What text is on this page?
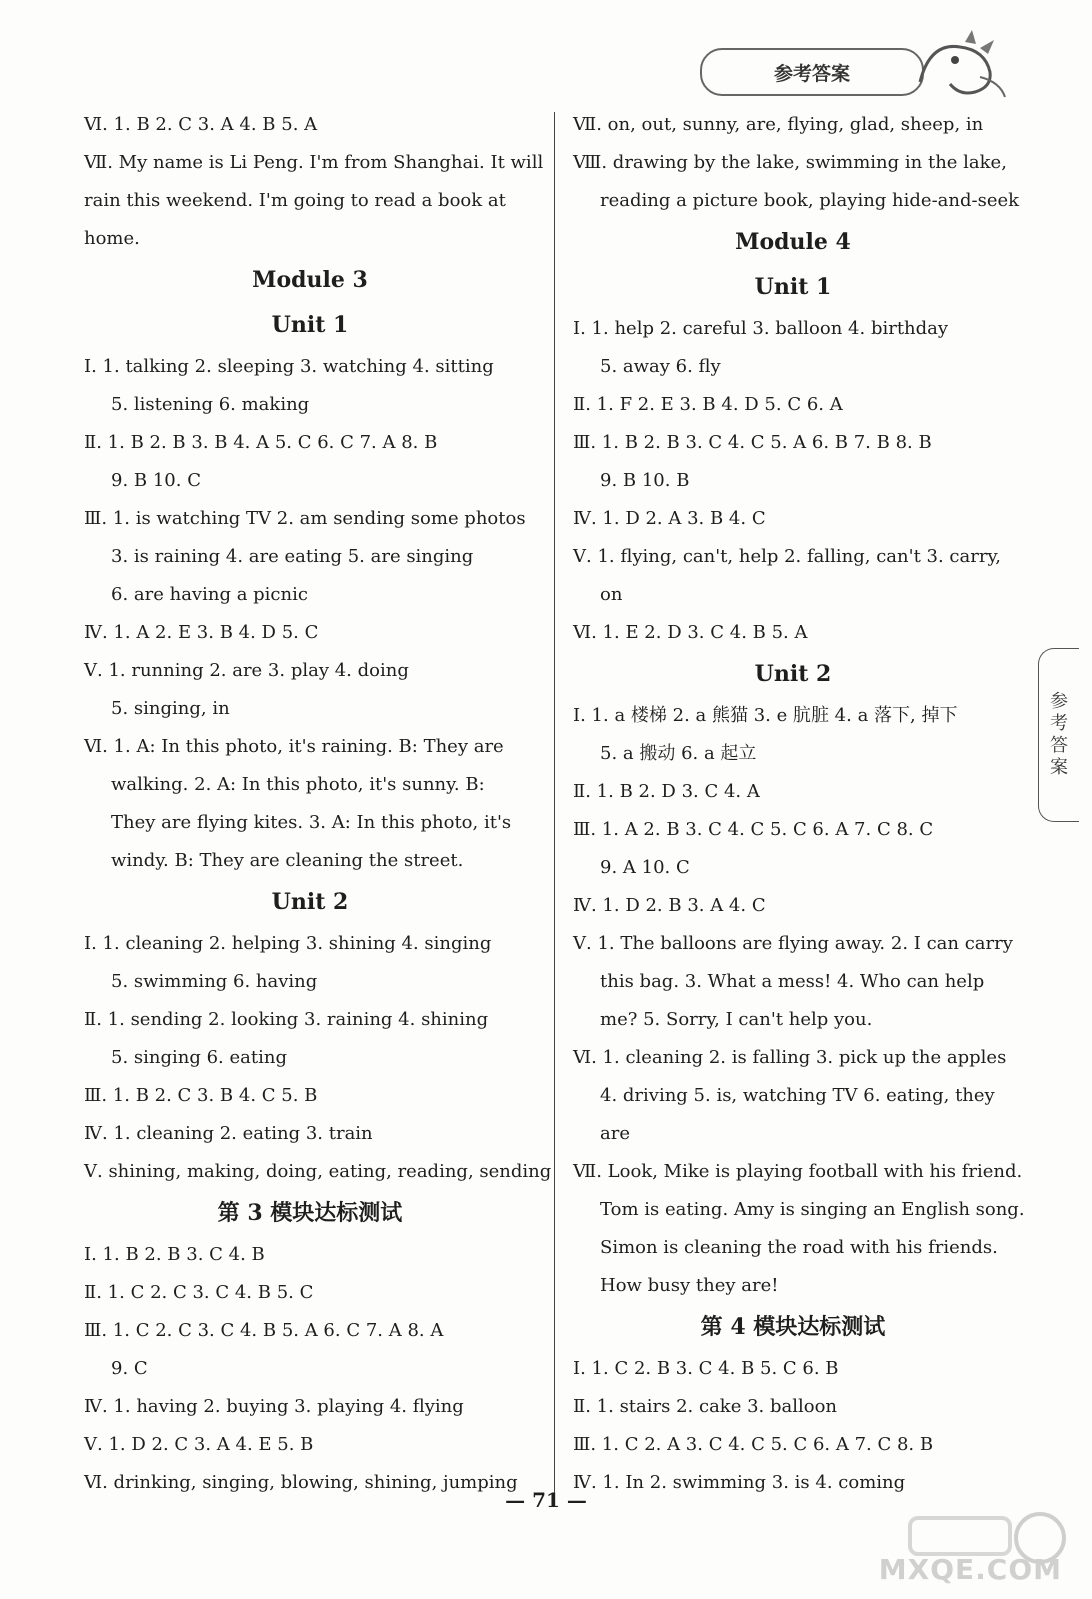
参考答案
Ⅵ. 1. B 2. C 3. A 4. B 5. A
Ⅶ. My name is Li Peng. I'm from Shanghai. It will
rain this weekend. I'm going to read a book at
home.
Module 3
Unit 1
Ⅰ. 1. talking 2. sleeping 3. watching 4. sitting
5. listening 6. making
Ⅱ. 1. B 2. B 3. B 4. A 5. C 6. C 7. A 8. B
9. B 10. C
Ⅲ. 1. is watching TV 2. am sending some photos
3. is raining 4. are eating 5. are singing
6. are having a picnic
Ⅳ. 1. A 2. E 3. B 4. D 5. C
Ⅴ. 1. running 2. are 3. play 4. doing
5. singing, in
Ⅵ. 1. A: In this photo, it's raining. B: They are
walking. 2. A: In this photo, it's sunny. B:
They are flying kites. 3. A: In this photo, it's
windy. B: They are cleaning the street.
Unit 2
Ⅰ. 1. cleaning 2. helping 3. shining 4. singing
5. swimming 6. having
Ⅱ. 1. sending 2. looking 3. raining 4. shining
5. singing 6. eating
Ⅲ. 1. B 2. C 3. B 4. C 5. B
Ⅳ. 1. cleaning 2. eating 3. train
Ⅴ. shining, making, doing, eating, reading, sending
第 3 模块达标测试
Ⅰ. 1. B 2. B 3. C 4. B
Ⅱ. 1. C 2. C 3. C 4. B 5. C
Ⅲ. 1. C 2. C 3. C 4. B 5. A 6. C 7. A 8. A
9. C
Ⅳ. 1. having 2. buying 3. playing 4. flying
Ⅴ. 1. D 2. C 3. A 4. E 5. B
Ⅵ. drinking, singing, blowing, shining, jumping
Ⅶ. on, out, sunny, are, flying, glad, sheep, in
Ⅷ. drawing by the lake, swimming in the lake,
reading a picture book, playing hide-and-seek
Module 4
Unit 1
Ⅰ. 1. help 2. careful 3. balloon 4. birthday
5. away 6. fly
Ⅱ. 1. F 2. E 3. B 4. D 5. C 6. A
Ⅲ. 1. B 2. B 3. C 4. C 5. A 6. B 7. B 8. B
9. B 10. B
Ⅳ. 1. D 2. A 3. B 4. C
Ⅴ. 1. flying, can't, help 2. falling, can't 3. carry,
on
Ⅵ. 1. E 2. D 3. C 4. B 5. A
Unit 2
Ⅰ. 1. a 楼梯 2. a 熊猫 3. e 肮脏 4. a 落下, 掉下
5. a 搬动 6. a 起立
Ⅱ. 1. B 2. D 3. C 4. A
Ⅲ. 1. A 2. B 3. C 4. C 5. C 6. A 7. C 8. C
9. A 10. C
Ⅳ. 1. D 2. B 3. A 4. C
Ⅴ. 1. The balloons are flying away. 2. I can carry
this bag. 3. What a mess! 4. Who can help
me? 5. Sorry, I can't help you.
Ⅵ. 1. cleaning 2. is falling 3. pick up the apples
4. driving 5. is, watching TV 6. eating, they
are
Ⅶ. Look, Mike is playing football with his friend.
Tom is eating. Amy is singing an English song.
Simon is cleaning the road with his friends.
How busy they are!
第 4 模块达标测试
Ⅰ. 1. C 2. B 3. C 4. B 5. C 6. B
Ⅱ. 1. stairs 2. cake 3. balloon
Ⅲ. 1. C 2. A 3. C 4. C 5. C 6. A 7. C 8. B
Ⅳ. 1. In 2. swimming 3. is 4. coming
参
考
答
案
— 71 —
MXQE.COM
